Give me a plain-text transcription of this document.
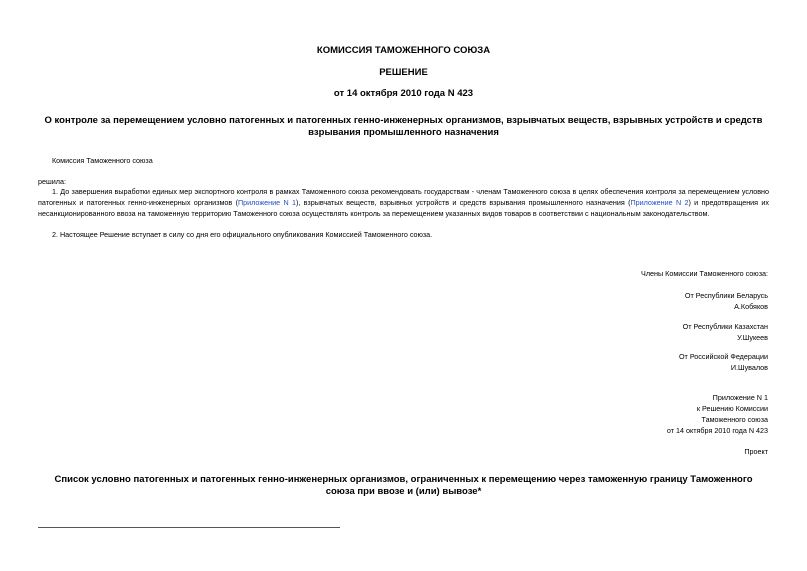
КОМИССИЯ ТАМОЖЕННОГО СОЮЗА
РЕШЕНИЕ
от 14 октября 2010 года N 423
О контроле за перемещением условно патогенных и патогенных генно-инженерных организмов, взрывчатых веществ, взрывных устройств и средств взрывания промышленного назначения
Комиссия Таможенного союза
решила:

1. До завершения выработки единых мер экспортного контроля в рамках Таможенного союза рекомендовать государствам - членам Таможенного союза в целях обеспечения контроля за перемещением условно патогенных и патогенных генно-инженерных организмов (Приложение N 1), взрывчатых веществ, взрывных устройств и средств взрывания промышленного назначения (Приложение N 2) и предотвращения их несанкционированного ввоза на таможенную территорию Таможенного союза осуществлять контроль за перемещением указанных видов товаров в соответствии с национальным законодательством.

2. Настоящее Решение вступает в силу со дня его официального опубликования Комиссией Таможенного союза.

Члены Комиссии Таможенного союза:
От Республики Беларусь
А.Кобяков
От Республики Казахстан
У.Шукеев
От Российской Федерации
И.Шувалов
Приложение N 1
к Решению Комиссии
Таможенного союза
от 14 октября 2010 года N 423
Проект
Список условно патогенных и патогенных генно-инженерных организмов, ограниченных к перемещению через таможенную границу Таможенного союза при ввозе и (или) вывозе*
